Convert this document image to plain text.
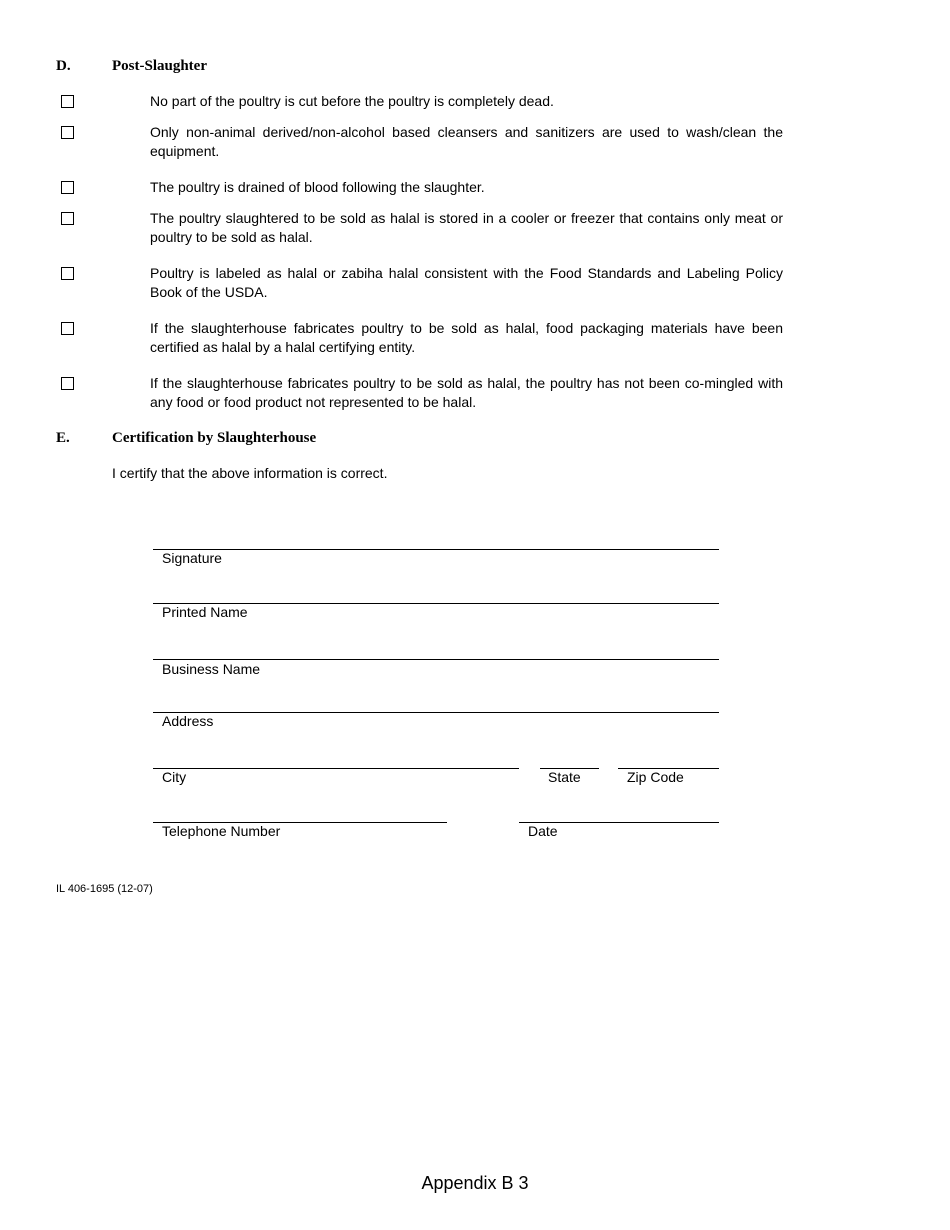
D.	Post-Slaughter
No part of the poultry is cut before the poultry is completely dead.
Only non-animal derived/non-alcohol based cleansers and sanitizers are used to wash/clean the equipment.
The poultry is drained of blood following the slaughter.
The poultry slaughtered to be sold as halal is stored in a cooler or freezer that contains only meat or poultry to be sold as halal.
Poultry is labeled as halal or zabiha halal consistent with the Food Standards and Labeling Policy Book of the USDA.
If the slaughterhouse fabricates poultry to be sold as halal, food packaging materials have been certified as halal by a halal certifying entity.
If the slaughterhouse fabricates poultry to be sold as halal, the poultry has not been co-mingled with any food or food product not represented to be halal.
E.	Certification by Slaughterhouse
I certify that the above information is correct.
Signature
Printed Name
Business Name
Address
City	State	Zip Code
Telephone Number	Date
IL 406-1695 (12-07)
Appendix B 3
